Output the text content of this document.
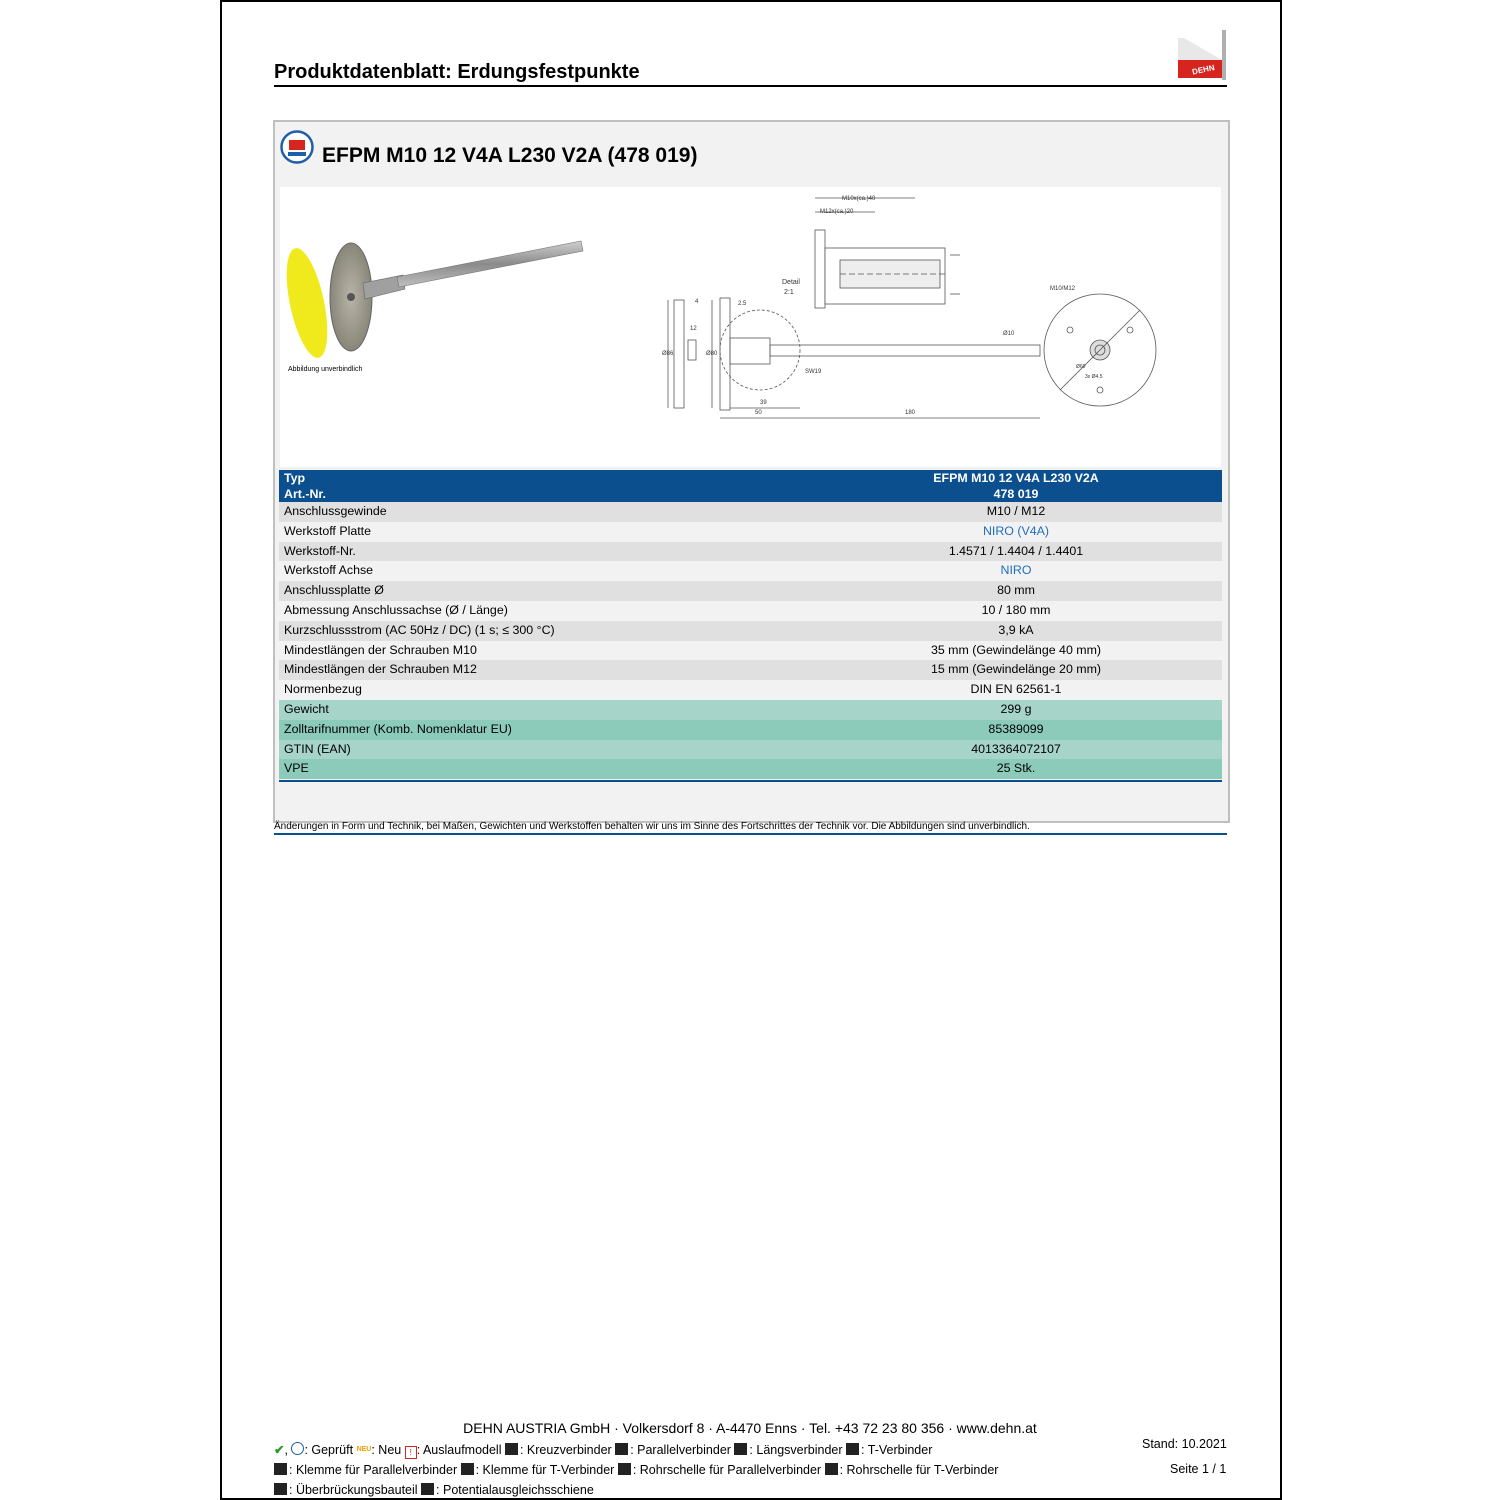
DEHN
Produktdatenblatt: Erdungsfestpunkte
EFPM M10 12 V4A L230 V2A (478 019)
Abbildung unverbindlich
M10x(ca.)40
M12x(ca.)20
Detail
2:1
4	2.5
12
Ø86	Ø80
Ø10
SW19
39
50	180
M10/M12
3x Ø4.5
Ø60
Typ	EFPM M10 12 V4A L230 V2A
Art.-Nr.	478 019
Anschlussgewinde	M10 / M12
Werkstoff Platte	NIRO (V4A)
Werkstoff-Nr.	1.4571 / 1.4404 / 1.4401
Werkstoff Achse	NIRO
Anschlussplatte Ø	80 mm
Abmessung Anschlussachse (Ø / Länge)	10 / 180 mm
Kurzschlussstrom (AC 50Hz / DC) (1 s; ≤ 300 °C)	3,9 kA
Mindestlängen der Schrauben M10	35 mm (Gewindelänge 40 mm)
Mindestlängen der Schrauben M12	15 mm (Gewindelänge 20 mm)
Normenbezug	DIN EN 62561-1
Gewicht	299 g
Zolltarifnummer (Komb. Nomenklatur EU)	85389099
GTIN (EAN)	4013364072107
VPE	25 Stk.
Änderungen in Form und Technik, bei Maßen, Gewichten und Werkstoffen behalten wir uns im Sinne des Fortschrittes der Technik vor. Die Abbildungen sind unverbindlich.
DEHN AUSTRIA GmbH · Volkersdorf 8 · A-4470 Enns · Tel. +43 72 23 80 356 · www.dehn.at
✔, : Geprüft $^{NEU}$: Neu ! : Auslaufmodell : Kreuzverbinder : Parallelverbinder : Längsverbinder : T-Verbinder
: Klemme für Parallelverbinder : Klemme für T-Verbinder : Rohrschelle für Parallelverbinder : Rohrschelle für T-Verbinder
: Überbrückungsbauteil : Potentialausgleichsschiene
Stand: 10.2021
Seite 1 / 1
